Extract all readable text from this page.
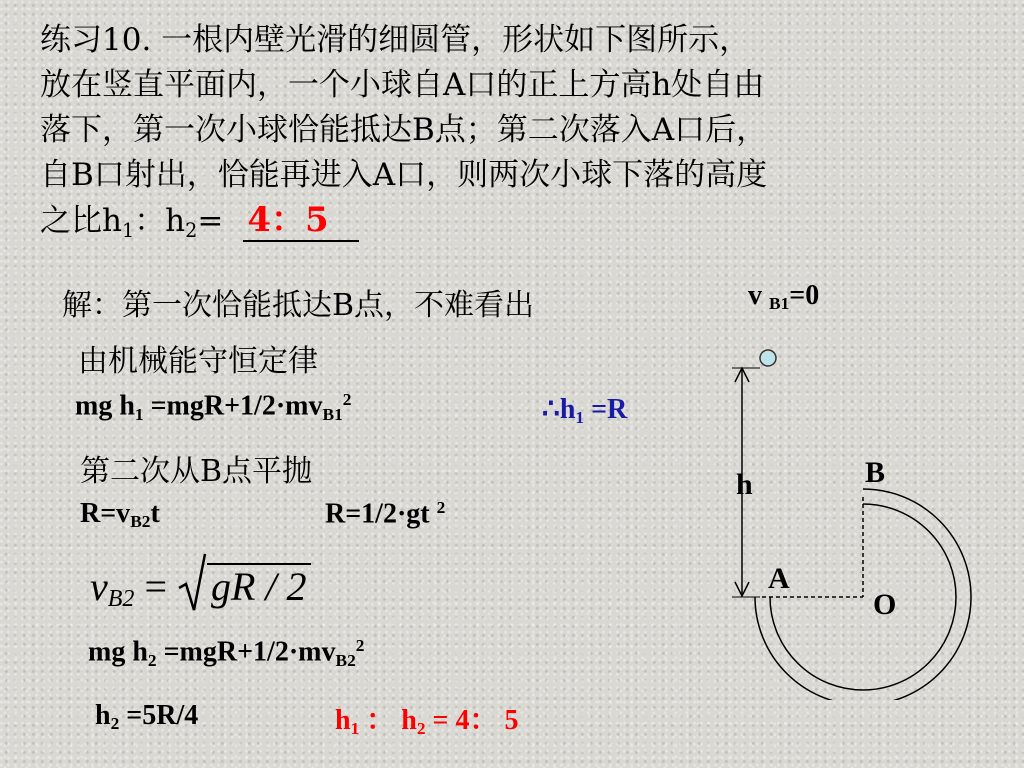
练习10. 一根内壁光滑的细圆管，形状如下图所示，
放在竖直平面内，一个小球自A口的正上方高h处自由
落下，第一次小球恰能抵达B点；第二次落入A口后，
自B口射出，恰能再进入A口，则两次小球下落的高度
之比$h_1$：$h_2= 4$：5
解：第一次恰能抵达B点，不难看出	v $_{B1}$=0
由机械能守恒定律
mg $h_1 =mgR+1/2\cdot mv_{B1}^2$	$\therefore h_1 =R$
第二次从B点平抛
$R=v_{B2}t$	R=1/2·gt $^2$
$v_{B2}$ = gR / 2
mg $h_2 =mgR+1/2\cdot mv_{B2}^2$
$h_2 =5R/4$	$h_1$ ： $h_2 = 4$： 5
h	B
A
O
